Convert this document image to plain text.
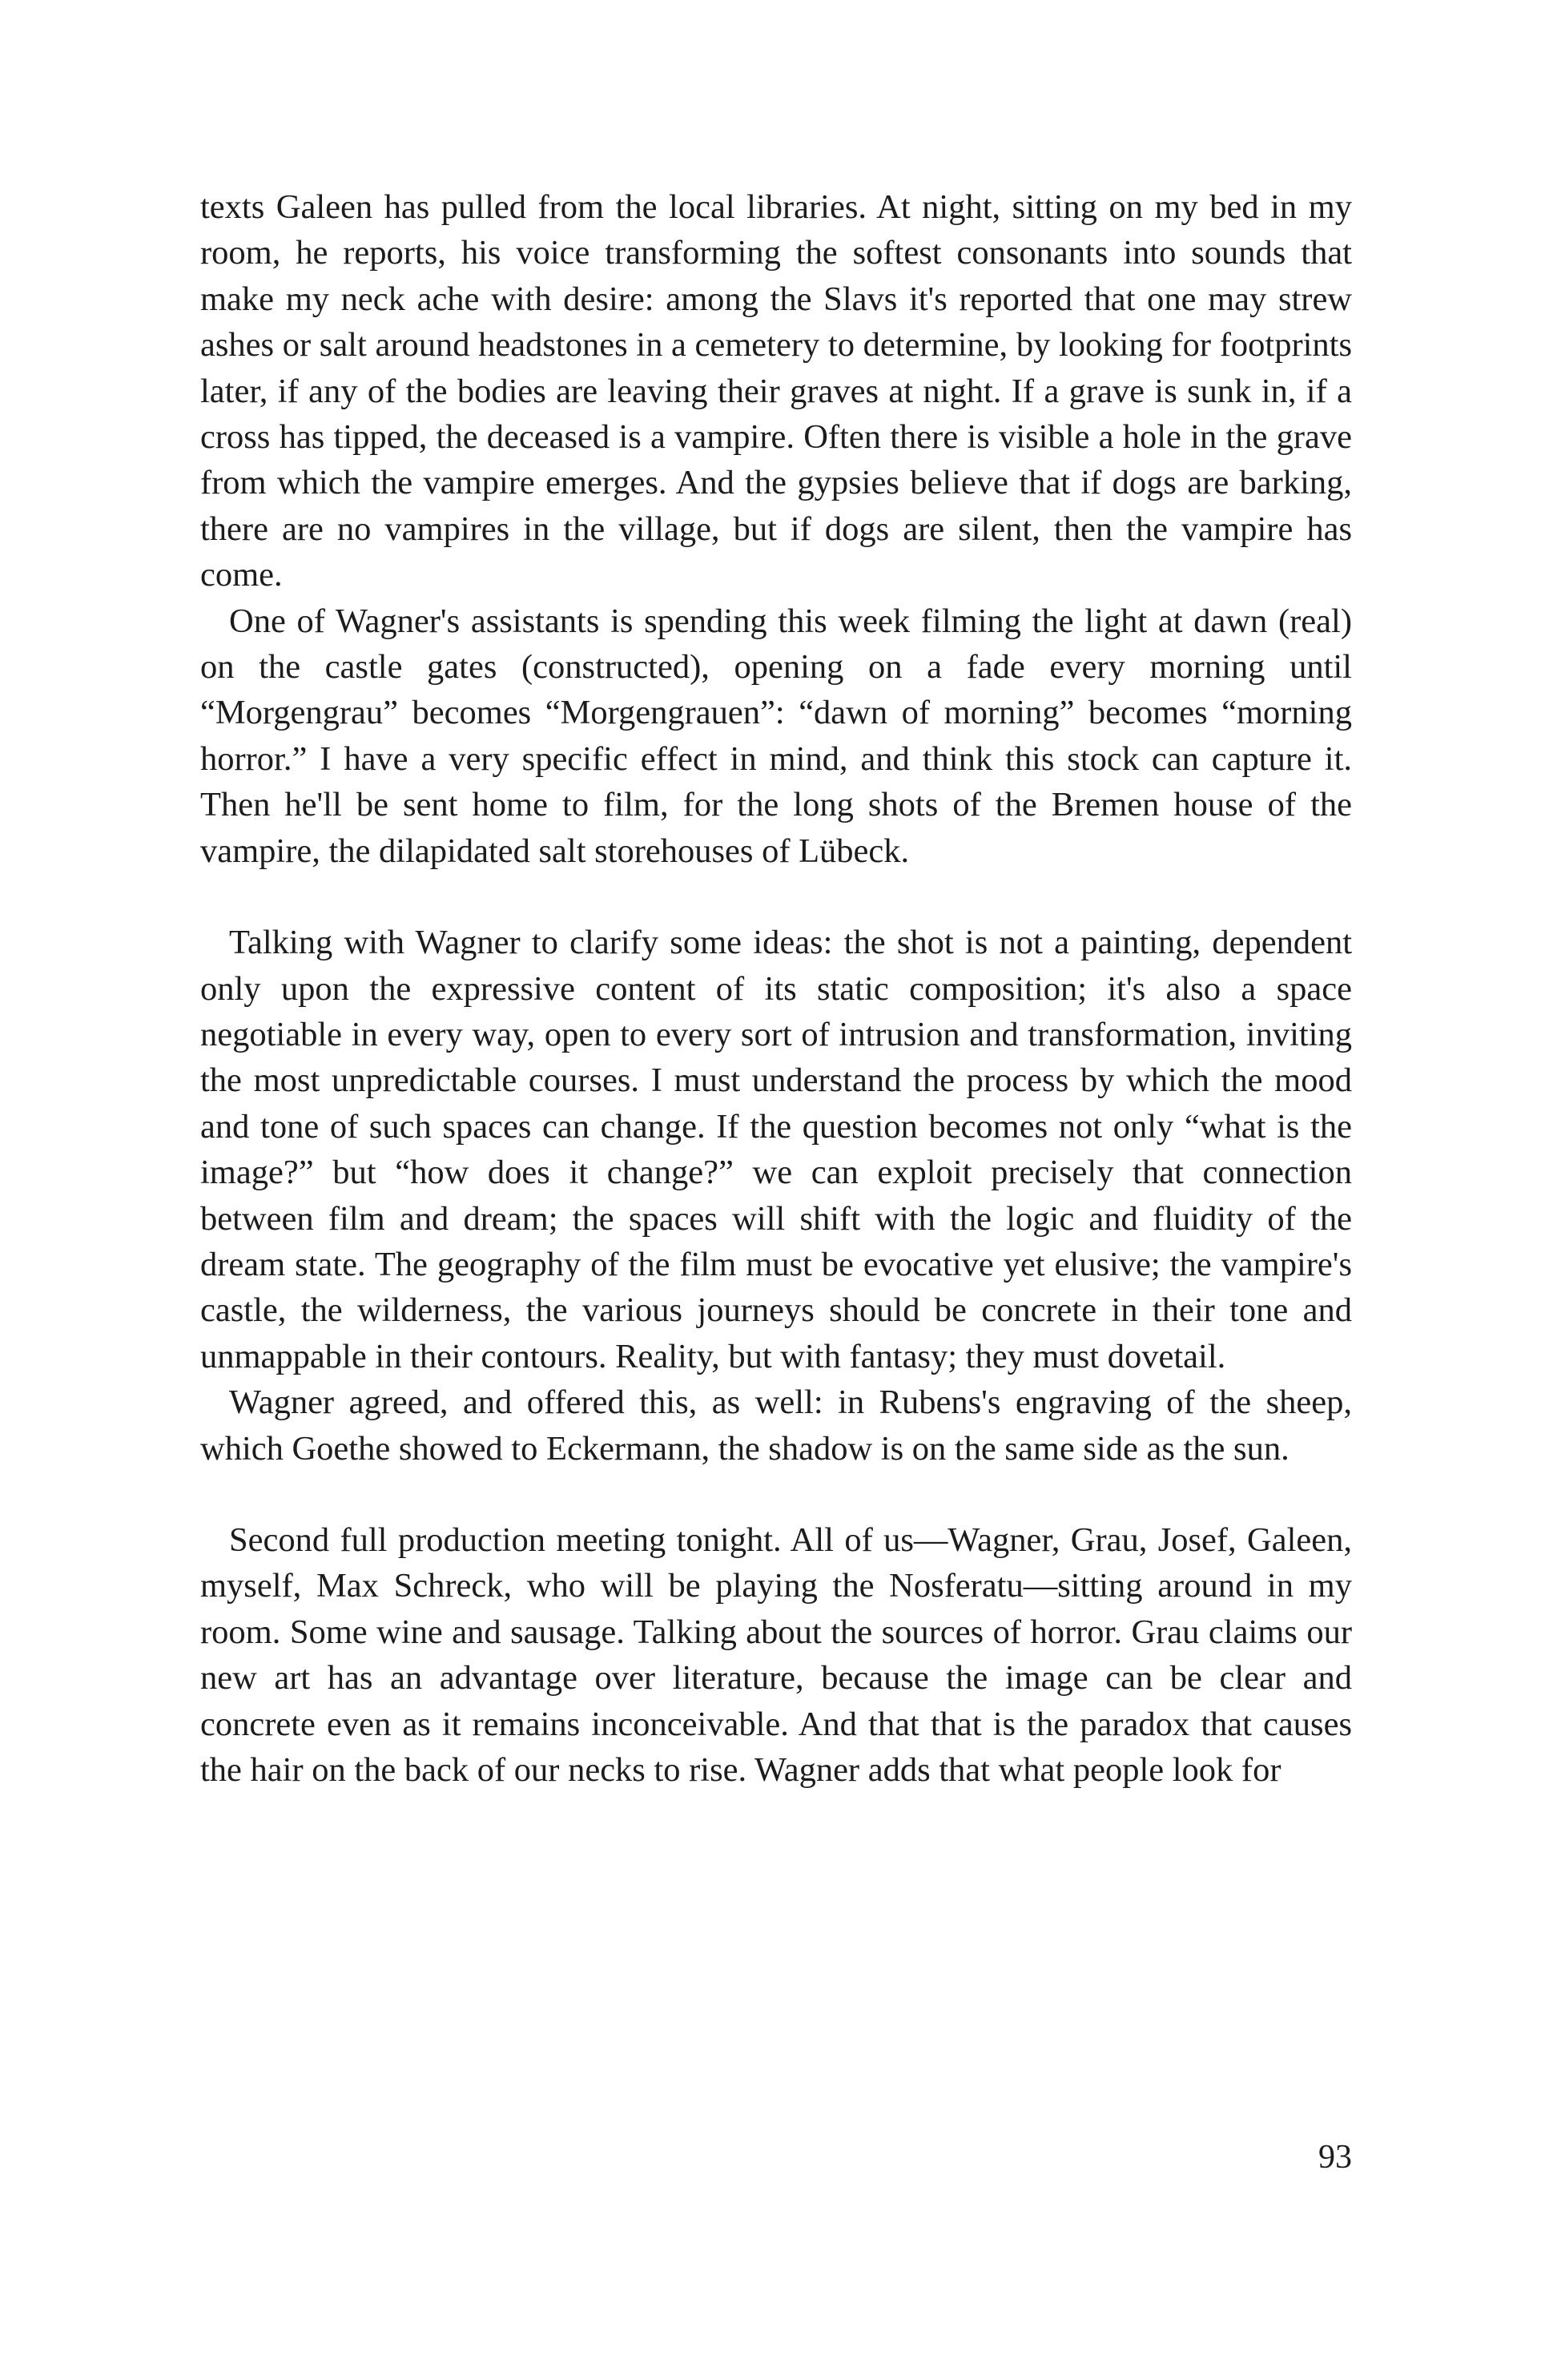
texts Galeen has pulled from the local libraries. At night, sitting on my bed in my room, he reports, his voice transforming the softest consonants into sounds that make my neck ache with desire: among the Slavs it's reported that one may strew ashes or salt around headstones in a cemetery to determine, by looking for footprints later, if any of the bodies are leaving their graves at night. If a grave is sunk in, if a cross has tipped, the deceased is a vampire. Often there is visible a hole in the grave from which the vampire emerges. And the gypsies believe that if dogs are barking, there are no vampires in the village, but if dogs are silent, then the vampire has come.

One of Wagner's assistants is spending this week filming the light at dawn (real) on the castle gates (constructed), opening on a fade every morning until “Morgengrau” becomes “Morgengrauen”: “dawn of morning” becomes “morning horror.” I have a very specific effect in mind, and think this stock can capture it. Then he'll be sent home to film, for the long shots of the Bremen house of the vampire, the dilapidated salt storehouses of Lübeck.

Talking with Wagner to clarify some ideas: the shot is not a painting, dependent only upon the expressive content of its static composition; it's also a space negotiable in every way, open to every sort of intrusion and transformation, inviting the most unpredictable courses. I must understand the process by which the mood and tone of such spaces can change. If the question becomes not only “what is the image?” but “how does it change?” we can exploit precisely that connection between film and dream; the spaces will shift with the logic and fluidity of the dream state. The geography of the film must be evocative yet elusive; the vampire's castle, the wilderness, the various journeys should be concrete in their tone and unmappable in their contours. Reality, but with fantasy; they must dovetail.

Wagner agreed, and offered this, as well: in Rubens's engraving of the sheep, which Goethe showed to Eckermann, the shadow is on the same side as the sun.

Second full production meeting tonight. All of us—Wagner, Grau, Josef, Galeen, myself, Max Schreck, who will be playing the Nosferatu—sitting around in my room. Some wine and sausage. Talking about the sources of horror. Grau claims our new art has an advantage over literature, because the image can be clear and concrete even as it remains inconceivable. And that that is the paradox that causes the hair on the back of our necks to rise. Wagner adds that what people look for

93
